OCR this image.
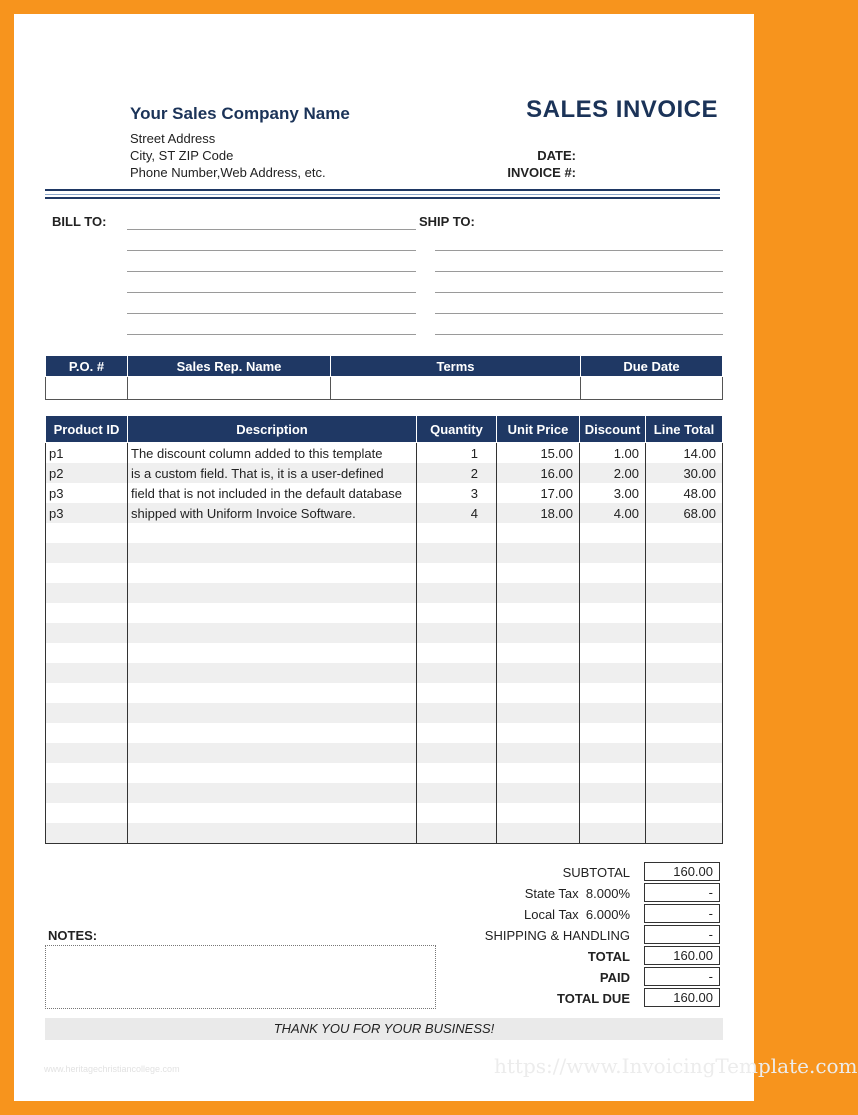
Your Sales Company Name
Street Address
City, ST ZIP Code
Phone Number,Web Address, etc.
SALES INVOICE
DATE:
INVOICE #:
BILL TO:	SHIP TO:
P.O. #	Sales Rep. Name	Terms	Due Date

Product ID	Description	Quantity	Unit Price	Discount	Line Total
p1	The discount column added to this template	1	15.00	1.00	14.00
p2	is a custom field. That is, it is a user-defined	2	16.00	2.00	30.00
p3	field that is not included in the default database	3	17.00	3.00	48.00
p3	shipped with Uniform Invoice Software.	4	18.00	4.00	68.00

SUBTOTAL	160.00
State Tax 8.000%	-
Local Tax 6.000%	-
SHIPPING & HANDLING	-
TOTAL	160.00
PAID	-
TOTAL DUE	160.00
NOTES:
THANK YOU FOR YOUR BUSINESS!
www.heritagechristiancollege.com	https://www.InvoicingTemplate.com
